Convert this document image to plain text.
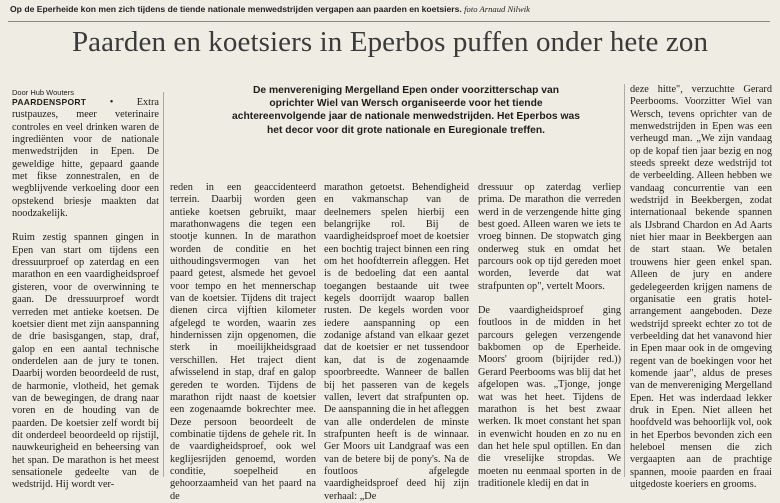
Op de Eperheide kon men zich tijdens de tiende nationale menwedstrijden vergapen aan paarden en koetsiers. foto Arnaud Nilwik
Paarden en koetsiers in Eperbos puffen onder hete zon
Door Hub Wouters	De menvereniging Mergelland Epen onder voorzitterschap van oprichter Wiel van Wersch organiseerde voor het tiende achtereenvolgende jaar de nationale menwedstrijden. Het Eperbos was het decor voor dit grote nationale en Euregionale treffen.

PAARDENSPORT • Extra rustpauzes, meer veterinaire controles en veel drinken waren de ingrediënten voor de nationale menwedstrijden in Epen. De geweldige hitte, gepaard gaande met fikse zonnestralen, en de wegblijvende verkoeling door een opstekend briesje maakten dat noodzakelijk.

Ruim zestig spannen gingen in Epen van start om tijdens een dressuurproef op zaterdag en een marathon en een vaardigheidsproef gisteren, voor de overwinning te gaan. De dressuurproef wordt verreden met antieke koetsen. De koetsier dient met zijn aanspanning de drie basisgangen, stap, draf, galop en een aantal technische onderdelen aan de jury te tonen. Daarbij worden beoordeeld de rust, de harmonie, vlotheid, het gemak van de bewegingen, de drang naar voren en de houding van de paarden. De koetsier zelf wordt bij dit onderdeel beoordeeld op rijstijl, nauwkeurigheid en beheersing van het span. De marathon is het meest sensationele gedeelte van de wedstrijd. Hij wordt ver-

reden in een geaccidenteerd terrein. Daarbij worden geen antieke koetsen gebruikt, maar marathonwagens die tegen een stootje kunnen. In de marathon worden de conditie en het uithoudingsvermogen van het paard getest, alsmede het gevoel voor tempo en het mennerschap van de koetsier. Tijdens dit traject dienen circa vijftien kilometer afgelegd te worden, waarin zes hindernissen zijn opgenomen, die sterk in moeilijkheidsgraad verschillen. Het traject dient afwisselend in stap, draf en galop gereden te worden. Tijdens de marathon rijdt naast de koetsier een zogenaamde bokrechter mee. Deze persoon beoordeelt de combinatie tijdens de gehele rit. In de vaardigheidsproef, ook wel keglijesrijden genoemd, worden conditie, soepelheid en gehoorzaamheid van het paard na de

marathon getoetst. Behendigheid en vakmanschap van de deelnemers spelen hierbij een belangrijke rol. Bij de vaardigheidsproef moet de koetsier een bochtig traject binnen een ring om het hoofdterrein afleggen. Het is de bedoeling dat een aantal toegangen bestaande uit twee kegels doorrijdt waarop ballen rusten. De kegels worden voor iedere aanspanning op een zodanige afstand van elkaar gezet dat de koetsier er net tussendoor kan, dat is de zogenaamde spoorbreedte. Wanneer de ballen bij het passeren van de kegels vallen, levert dat strafpunten op. De aanspanning die in het afleggen van alle onderdelen de minste strafpunten heeft is de winnaar. Ger Moors uit Landgraaf was een van de betere bij de pony's. Na de foutloos afgelegde vaardigheidsproef deed hij zijn verhaal: „De

dressuur op zaterdag verliep prima. De marathon die verreden werd in de verzengende hitte ging best goed. Alleen waren we iets te vroeg binnen. De stopwatch ging onderweg stuk en omdat het parcours ook op tijd gereden moet worden, leverde dat wat strafpunten op", vertelt Moors.

De vaardigheidsproef ging foutloos in de midden in het parcours gelegen verzengende bakbomen op de Eperheide. Moors' groom (bijrijder red.)) Gerard Peerbooms was blij dat het afgelopen was. „Tjonge, jonge wat was het heet. Tijdens de marathon is het best zwaar werken. Ik moet constant het span in evenwicht houden en zo nu en dan het hele spul optillen. En dan die vreselijke stropdas. We moeten nu eenmaal sporten in de traditionele kledij en dat in

deze hitte", verzuchtte Gerard Peerbooms. Voorzitter Wiel van Wersch, tevens oprichter van de menwedstrijden in Epen was een verheugd man. „We zijn vandaag op de kopaf tien jaar bezig en nog steeds spreekt deze wedstrijd tot de verbeelding. Alleen hebben we vandaag concurrentie van een wedstrijd in Beekbergen, zodat internationaal bekende spannen als IJsbrand Chardon en Ad Aarts niet hier maar in Beekbergen aan de start staan. We betalen trouwens hier geen enkel span. Alleen de jury en andere gedelegeerden krijgen namens de organisatie een gratis hotel-arrangement aangeboden. Deze wedstrijd spreekt echter zo tot de verbeelding dat het vanavond hier in Epen maar ook in de omgeving regent van de boekingen voor het komende jaar", aldus de preses van de menvereniging Mergelland Epen. Het was inderdaad lekker druk in Epen. Niet alleen het hoofdveld was behoorlijk vol, ook in het Eperbos bevonden zich een heleboel mensen die zich vergaapten aan de prachtige spannen, mooie paarden en fraai uitgedoste koeriers en grooms.
